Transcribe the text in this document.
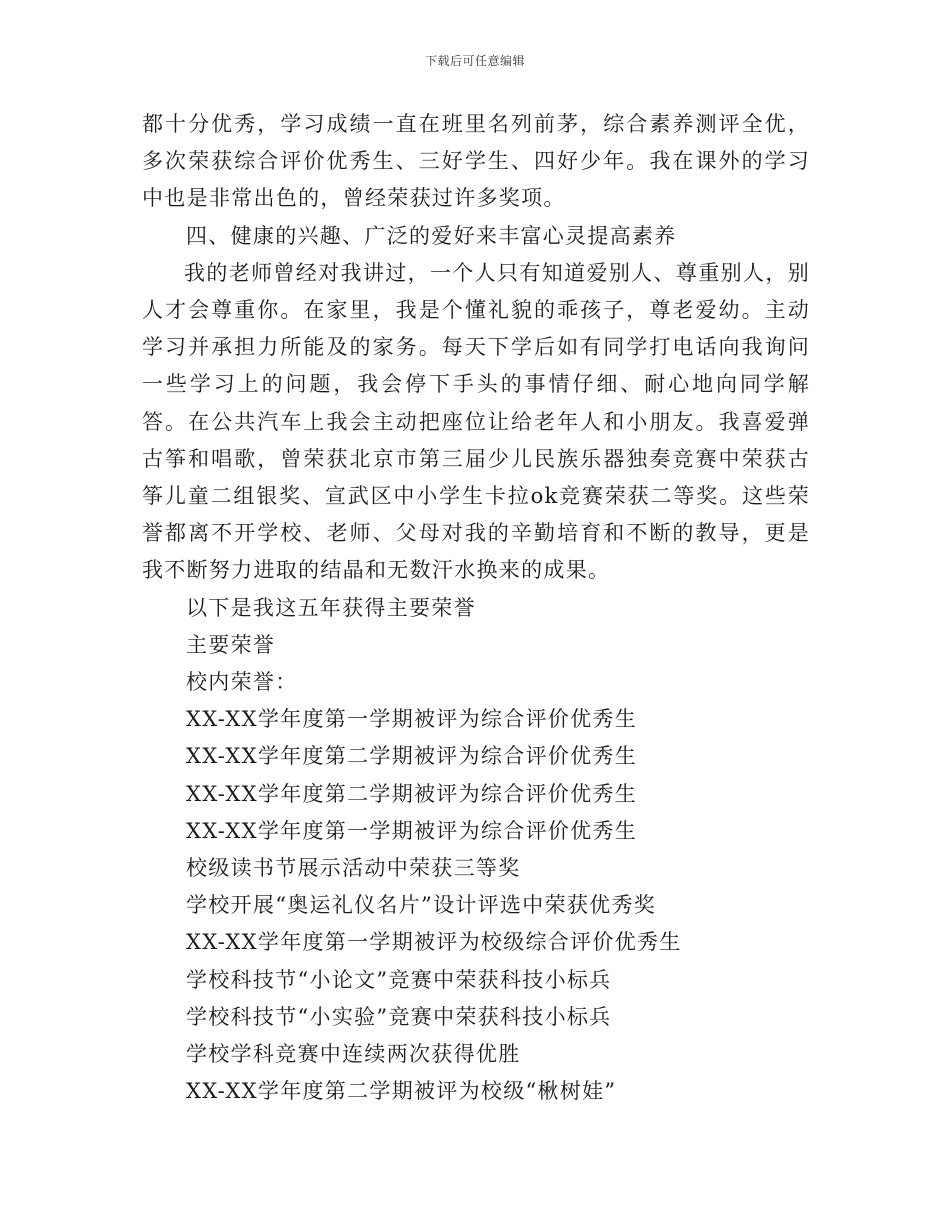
下载后可任意编辑

都十分优秀，学习成绩一直在班里名列前茅，综合素养测评全优，多次荣获综合评价优秀生、三好学生、四好少年。我在课外的学习中也是非常出色的，曾经荣获过许多奖项。

四、健康的兴趣、广泛的爱好来丰富心灵提高素养

我的老师曾经对我讲过，一个人只有知道爱别人、尊重别人，别人才会尊重你。在家里，我是个懂礼貌的乖孩子，尊老爱幼。主动学习并承担力所能及的家务。每天下学后如有同学打电话向我询问一些学习上的问题，我会停下手头的事情仔细、耐心地向同学解答。在公共汽车上我会主动把座位让给老年人和小朋友。我喜爱弹古筝和唱歌，曾荣获北京市第三届少儿民族乐器独奏竞赛中荣获古筝儿童二组银奖、宣武区中小学生卡拉ok竞赛荣获二等奖。这些荣誉都离不开学校、老师、父母对我的辛勤培育和不断的教导，更是我不断努力进取的结晶和无数汗水换来的成果。

以下是我这五年获得主要荣誉

主要荣誉

校内荣誉：

XX-XX学年度第一学期被评为综合评价优秀生

XX-XX学年度第二学期被评为综合评价优秀生

XX-XX学年度第二学期被评为综合评价优秀生

XX-XX学年度第一学期被评为综合评价优秀生

校级读书节展示活动中荣获三等奖

学校开展“奥运礼仪名片”设计评选中荣获优秀奖

XX-XX学年度第一学期被评为校级综合评价优秀生

学校科技节“小论文”竞赛中荣获科技小标兵

学校科技节“小实验”竞赛中荣获科技小标兵

学校学科竞赛中连续两次获得优胜

XX-XX学年度第二学期被评为校级“楸树娃”
